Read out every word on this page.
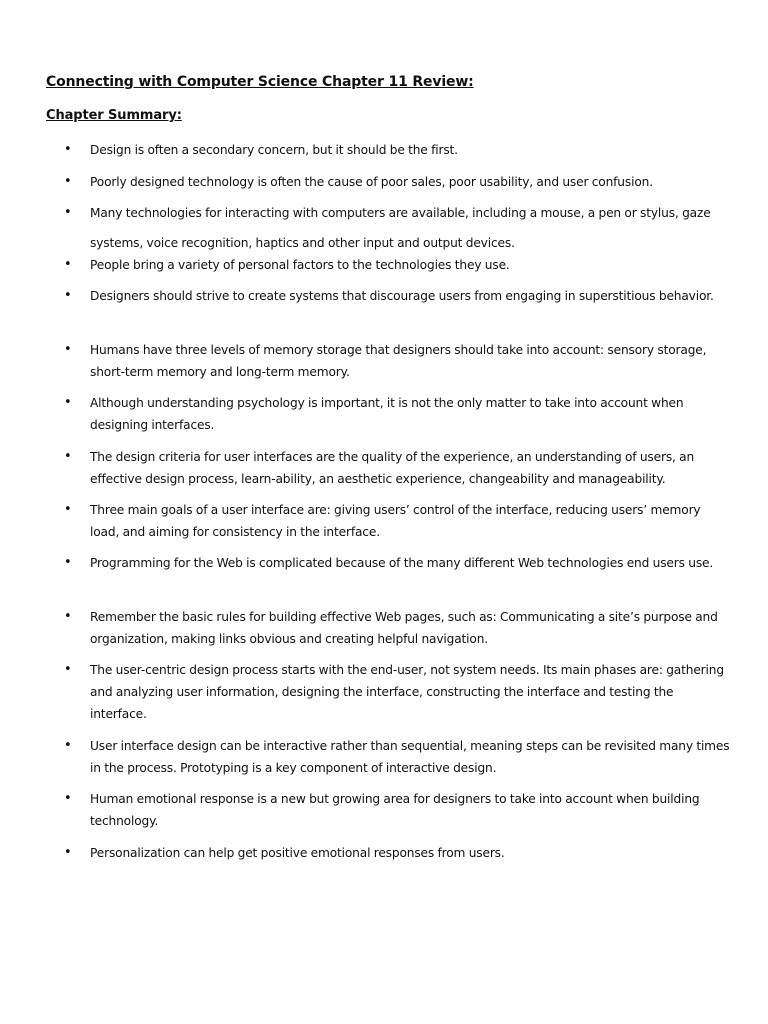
Connecting with Computer Science Chapter 11 Review:
Chapter Summary:
• Design is often a secondary concern, but it should be the first.
• Poorly designed technology is often the cause of poor sales, poor usability, and user confusion.
• Many technologies for interacting with computers are available, including a mouse, a pen or stylus, gaze systems, voice recognition, haptics and other input and output devices.
• People bring a variety of personal factors to the technologies they use.
• Designers should strive to create systems that discourage users from engaging in superstitious behavior.
• Humans have three levels of memory storage that designers should take into account: sensory storage, short-term memory and long-term memory.
• Although understanding psychology is important, it is not the only matter to take into account when designing interfaces.
• The design criteria for user interfaces are the quality of the experience, an understanding of users, an effective design process, learn-ability, an aesthetic experience, changeability and manageability.
• Three main goals of a user interface are: giving users’ control of the interface, reducing users’ memory load, and aiming for consistency in the interface.
• Programming for the Web is complicated because of the many different Web technologies end users use.
• Remember the basic rules for building effective Web pages, such as: Communicating a site’s purpose and organization, making links obvious and creating helpful navigation.
• The user-centric design process starts with the end-user, not system needs. Its main phases are: gathering and analyzing user information, designing the interface, constructing the interface and testing the interface.
• User interface design can be interactive rather than sequential, meaning steps can be revisited many times in the process. Prototyping is a key component of interactive design.
• Human emotional response is a new but growing area for designers to take into account when building technology.
• Personalization can help get positive emotional responses from users.
